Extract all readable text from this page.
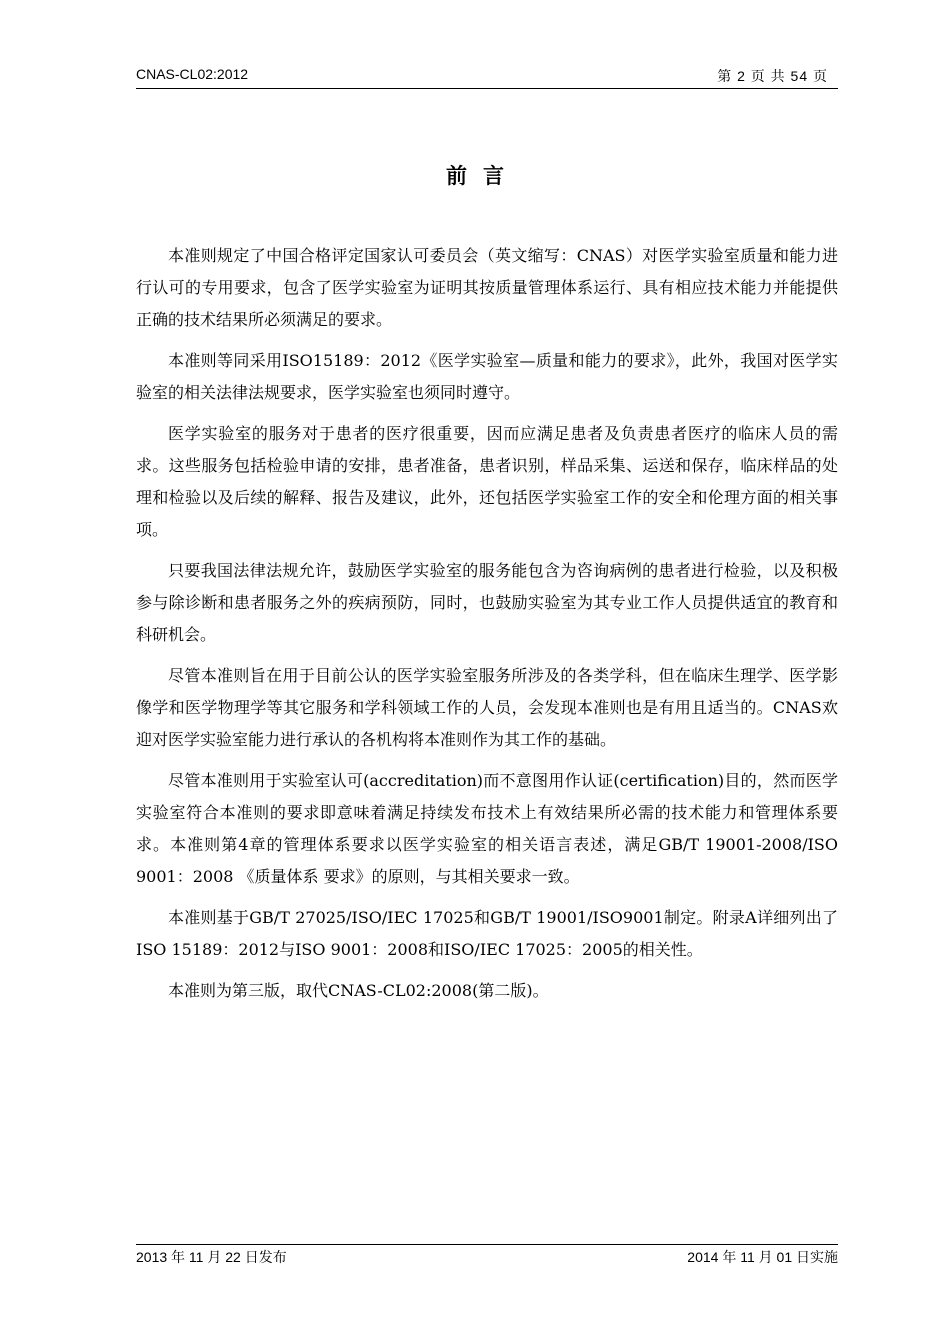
CNAS-CL02:2012	第 2 页 共 54 页
前言

本准则规定了中国合格评定国家认可委员会（英文缩写：CNAS）对医学实验室质量和能力进行认可的专用要求，包含了医学实验室为证明其按质量管理体系运行、具有相应技术能力并能提供正确的技术结果所必须满足的要求。

本准则等同采用ISO15189：2012《医学实验室—质量和能力的要求》，此外，我国对医学实验室的相关法律法规要求，医学实验室也须同时遵守。

医学实验室的服务对于患者的医疗很重要，因而应满足患者及负责患者医疗的临床人员的需求。这些服务包括检验申请的安排，患者准备，患者识别，样品采集、运送和保存，临床样品的处理和检验以及后续的解释、报告及建议，此外，还包括医学实验室工作的安全和伦理方面的相关事项。

只要我国法律法规允许，鼓励医学实验室的服务能包含为咨询病例的患者进行检验，以及积极参与除诊断和患者服务之外的疾病预防，同时，也鼓励实验室为其专业工作人员提供适宜的教育和科研机会。

尽管本准则旨在用于目前公认的医学实验室服务所涉及的各类学科，但在临床生理学、医学影像学和医学物理学等其它服务和学科领域工作的人员，会发现本准则也是有用且适当的。CNAS欢迎对医学实验室能力进行承认的各机构将本准则作为其工作的基础。

尽管本准则用于实验室认可(accreditation)而不意图用作认证(certification)目的，然而医学实验室符合本准则的要求即意味着满足持续发布技术上有效结果所必需的技术能力和管理体系要求。本准则第4章的管理体系要求以医学实验室的相关语言表述，满足GB/T 19001-2008/ISO 9001：2008 《质量体系 要求》的原则，与其相关要求一致。

本准则基于GB/T 27025/ISO/IEC 17025和GB/T 19001/ISO9001制定。附录A详细列出了ISO 15189：2012与ISO 9001：2008和ISO/IEC 17025：2005的相关性。

本准则为第三版，取代CNAS-CL02:2008(第二版)。

2013 年 11 月 22 日发布	2014 年 11 月 01 日实施
